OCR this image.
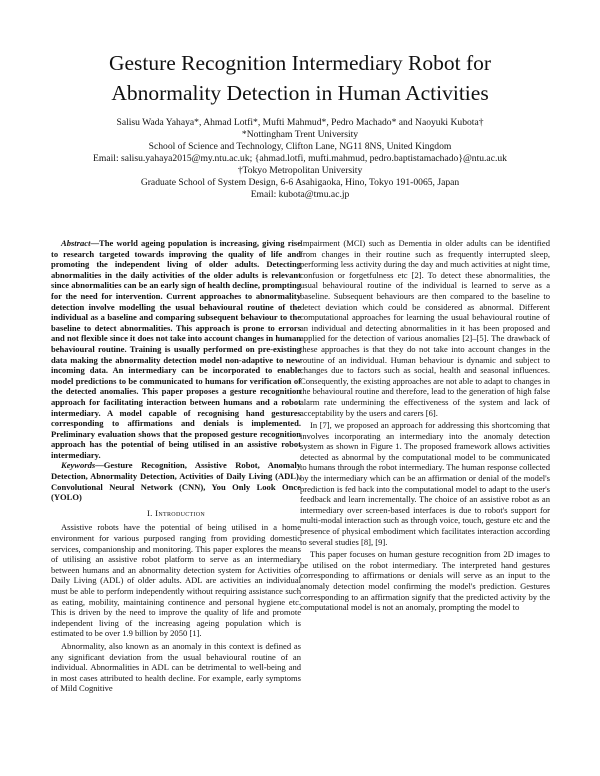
Gesture Recognition Intermediary Robot for
Abnormality Detection in Human Activities
Salisu Wada Yahaya*, Ahmad Lotfi*, Mufti Mahmud*, Pedro Machado* and Naoyuki Kubota†
*Nottingham Trent University
School of Science and Technology, Clifton Lane, NG11 8NS, United Kingdom
Email: salisu.yahaya2015@my.ntu.ac.uk; {ahmad.lotfi, mufti.mahmud, pedro.baptistamachado}@ntu.ac.uk
†Tokyo Metropolitan University
Graduate School of System Design, 6-6 Asahigaoka, Hino, Tokyo 191-0065, Japan
Email: kubota@tmu.ac.jp

Abstract—The world ageing population is increasing, giving rise to research targeted towards improving the quality of life and promoting the independent living of older adults. Detecting abnormalities in the daily activities of the older adults is relevant since abnormalities can be an early sign of health decline, prompting for the need for intervention. Current approaches to abnormality detection involve modelling the usual behavioural routine of the individual as a baseline and comparing subsequent behaviour to the baseline to detect abnormalities. This approach is prone to errors and not flexible since it does not take into account changes in human behavioural routine. Training is usually performed on pre-existing data making the abnormality detection model non-adaptive to new incoming data. An intermediary can be incorporated to enable model predictions to be communicated to humans for verification of the detected anomalies. This paper proposes a gesture recognition approach for facilitating interaction between humans and a robot intermediary. A model capable of recognising hand gestures corresponding to affirmations and denials is implemented. Preliminary evaluation shows that the proposed gesture recognition approach has the potential of being utilised in an assistive robot intermediary.

Keywords—Gesture Recognition, Assistive Robot, Anomaly Detection, Abnormality Detection, Activities of Daily Living (ADL), Convolutional Neural Network (CNN), You Only Look Once (YOLO)

I. Introduction

Assistive robots have the potential of being utilised in a home environment for various purposed ranging from providing domestic services, companionship and monitoring. This paper explores the means of utilising an assistive robot platform to serve as an intermediary between humans and an abnormality detection system for Activities of Daily Living (ADL) of older adults. ADL are activities an individual must be able to perform independently without requiring assistance such as eating, mobility, maintaining continence and personal hygiene etc. This is driven by the need to improve the quality of life and promote independent living of the increasing ageing population which is estimated to be over 1.9 billion by 2050 [1].

Abnormality, also known as an anomaly in this context is defined as any significant deviation from the usual behavioural routine of an individual. Abnormalities in ADL can be detrimental to well-being and in most cases attributed to health decline. For example, early symptoms of Mild Cognitive

Impairment (MCI) such as Dementia in older adults can be identified from changes in their routine such as frequently interrupted sleep, performing less activity during the day and much activities at night time, confusion or forgetfulness etc [2]. To detect these abnormalities, the usual behavioural routine of the individual is learned to serve as a baseline. Subsequent behaviours are then compared to the baseline to detect deviation which could be considered as abnormal. Different computational approaches for learning the usual behavioural routine of an individual and detecting abnormalities in it has been proposed and applied for the detection of various anomalies [2]–[5]. The drawback of these approaches is that they do not take into account changes in the routine of an individual. Human behaviour is dynamic and subject to changes due to factors such as social, health and seasonal influences. Consequently, the existing approaches are not able to adapt to changes in the behavioural routine and therefore, lead to the generation of high false alarm rate undermining the effectiveness of the system and lack of acceptability by the users and carers [6].

In [7], we proposed an approach for addressing this shortcoming that involves incorporating an intermediary into the anomaly detection system as shown in Figure 1. The proposed framework allows activities detected as abnormal by the computational model to be communicated to humans through the robot intermediary. The human response collected by the intermediary which can be an affirmation or denial of the model's prediction is fed back into the computational model to adapt to the user's feedback and learn incrementally. The choice of an assistive robot as an intermediary over screen-based interfaces is due to robot's support for multi-modal interaction such as through voice, touch, gesture etc and the presence of physical embodiment which facilitates interaction according to several studies [8], [9].

This paper focuses on human gesture recognition from 2D images to be utilised on the robot intermediary. The interpreted hand gestures corresponding to affirmations or denials will serve as an input to the anomaly detection model confirming the model's prediction. Gestures corresponding to an affirmation signify that the predicted activity by the computational model is not an anomaly, prompting the model to
